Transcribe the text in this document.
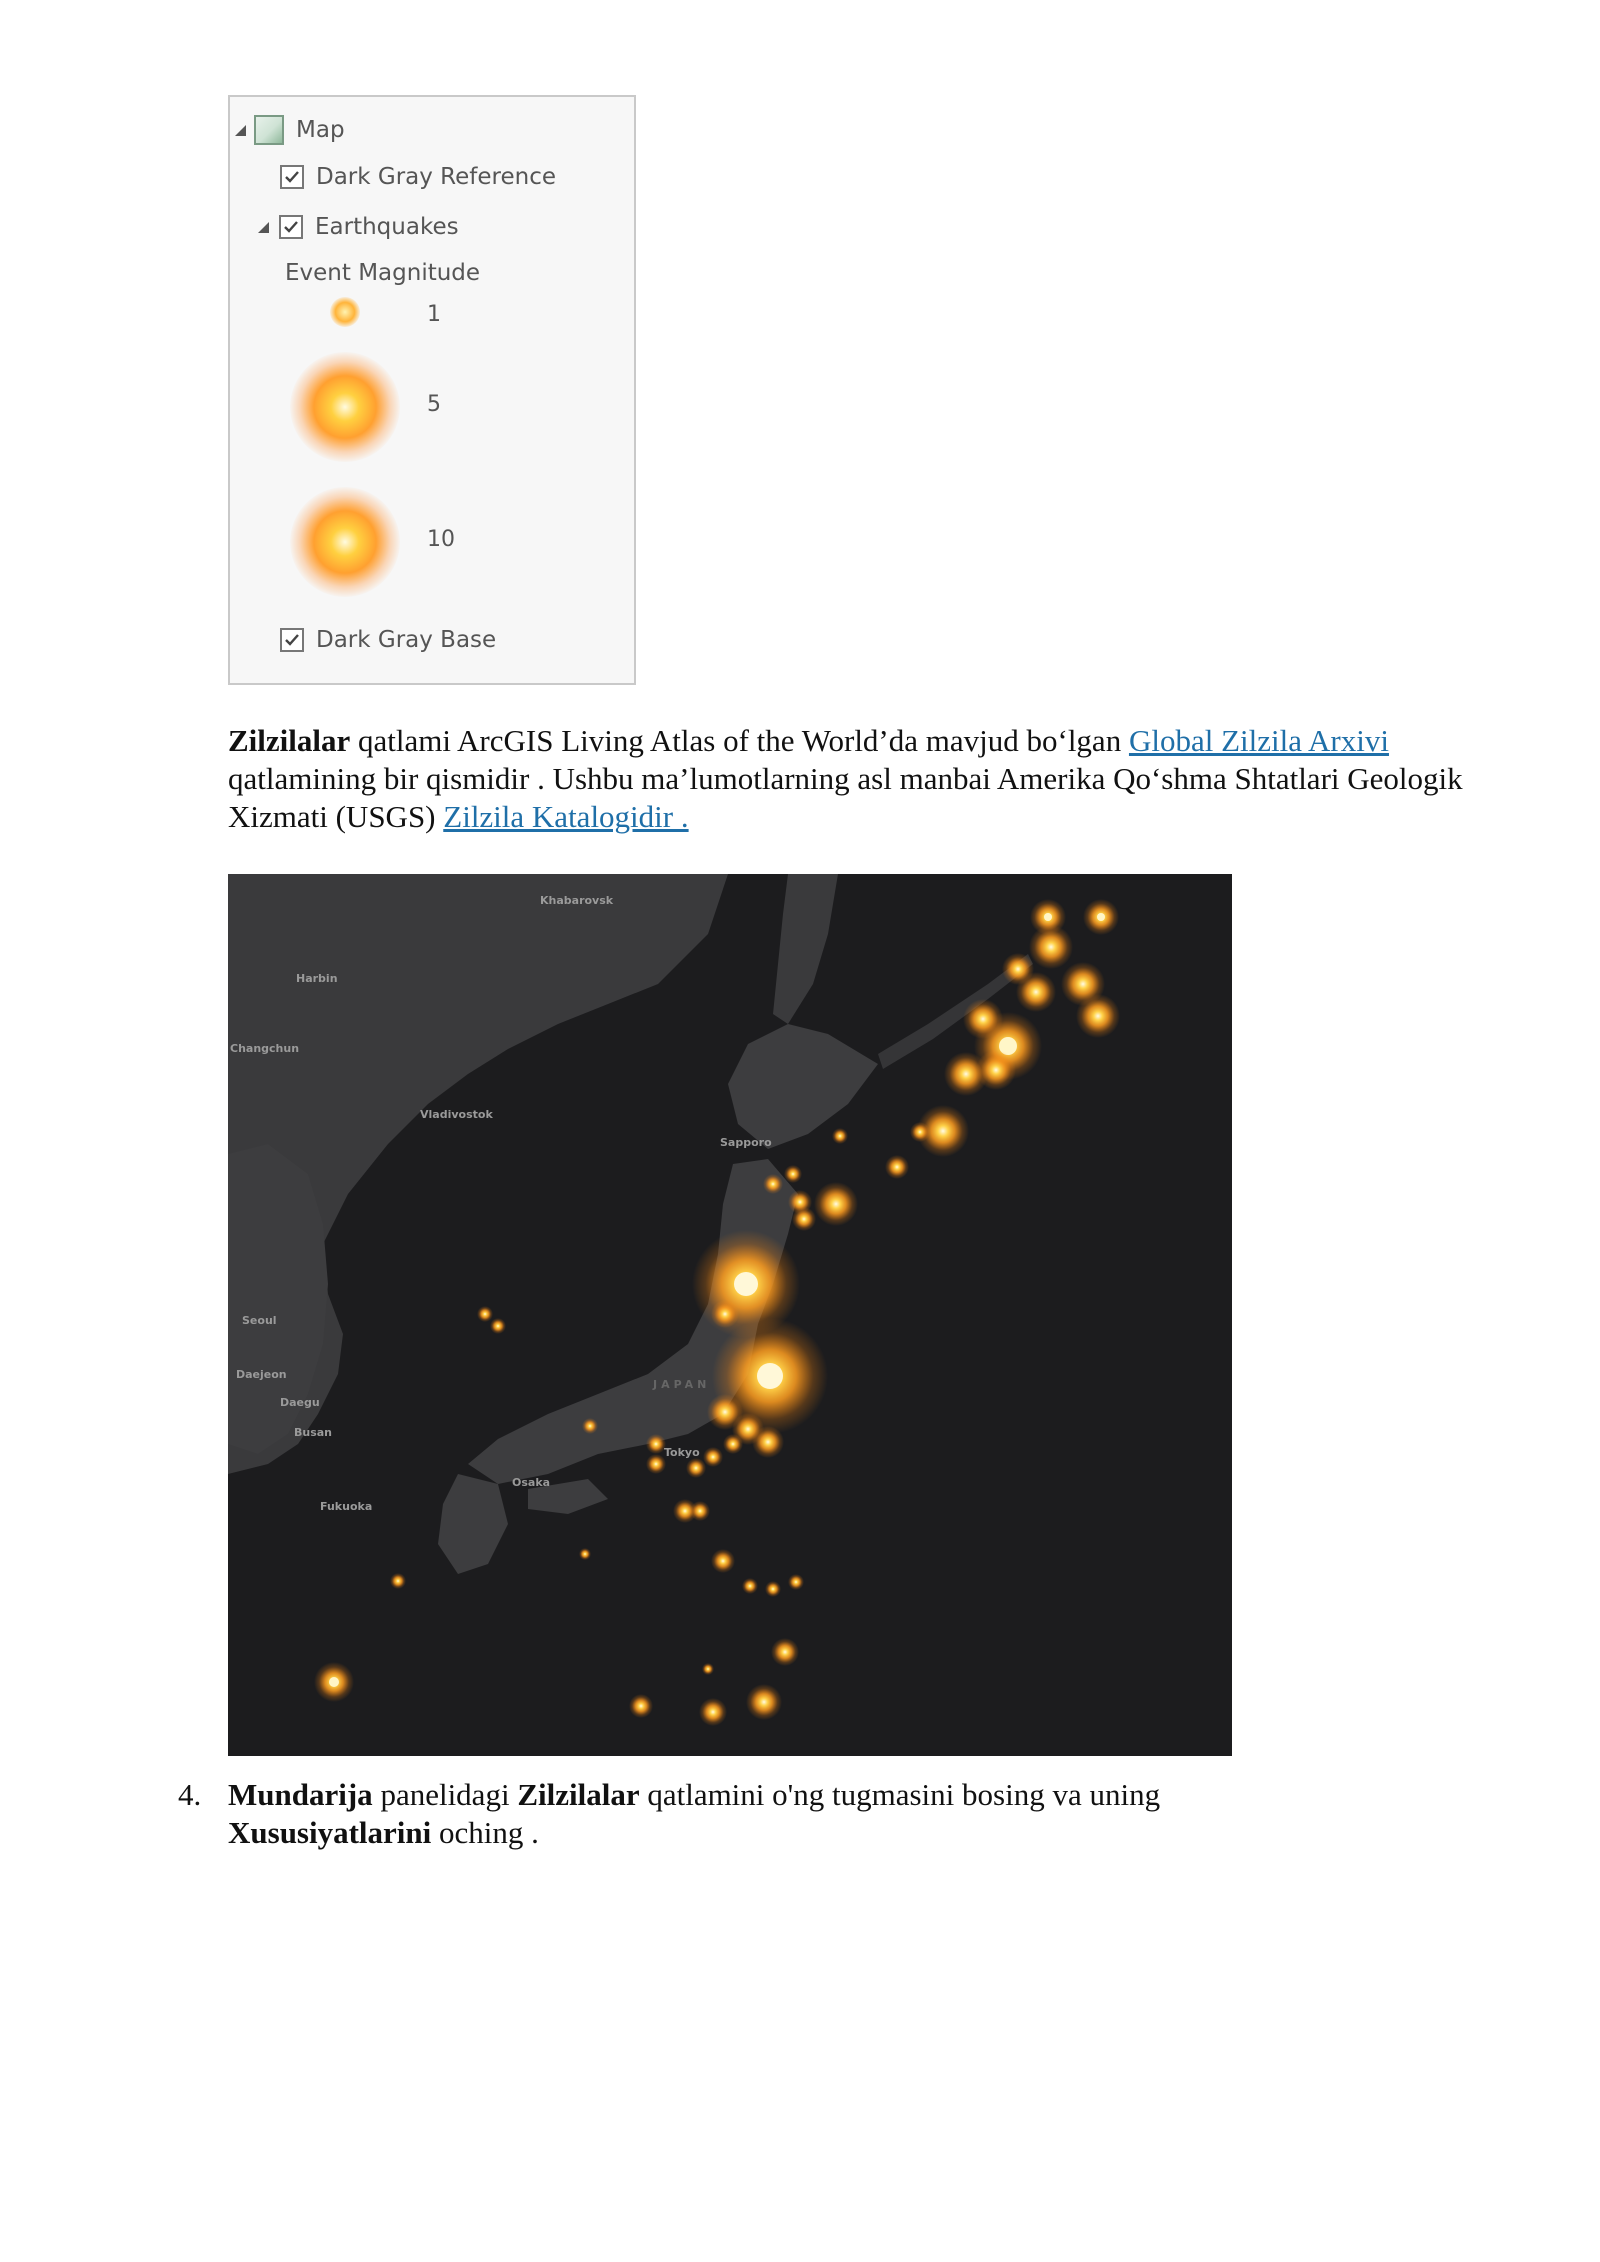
Map
Dark Gray Reference
Earthquakes
Event Magnitude
1
5
10
Dark Gray Base
Zilzilalar qatlami ArcGIS Living Atlas of the World’da mavjud bo‘lgan Global Zilzila Arxivi qatlamining bir qismidir . Ushbu ma’lumotlarning asl manbai Amerika Qo‘shma Shtatlari Geologik Xizmati (USGS) Zilzila Katalogidir .
Khabarovsk
Harbin
Changchun
Vladivostok
Sapporo
Seoul
Daejeon
Daegu
Busan
Tokyo
Osaka
Fukuoka
JAPAN
4. Mundarija panelidagi Zilzilalar qatlamini o'ng tugmasini bosing va uning Xususiyatlarini oching .
